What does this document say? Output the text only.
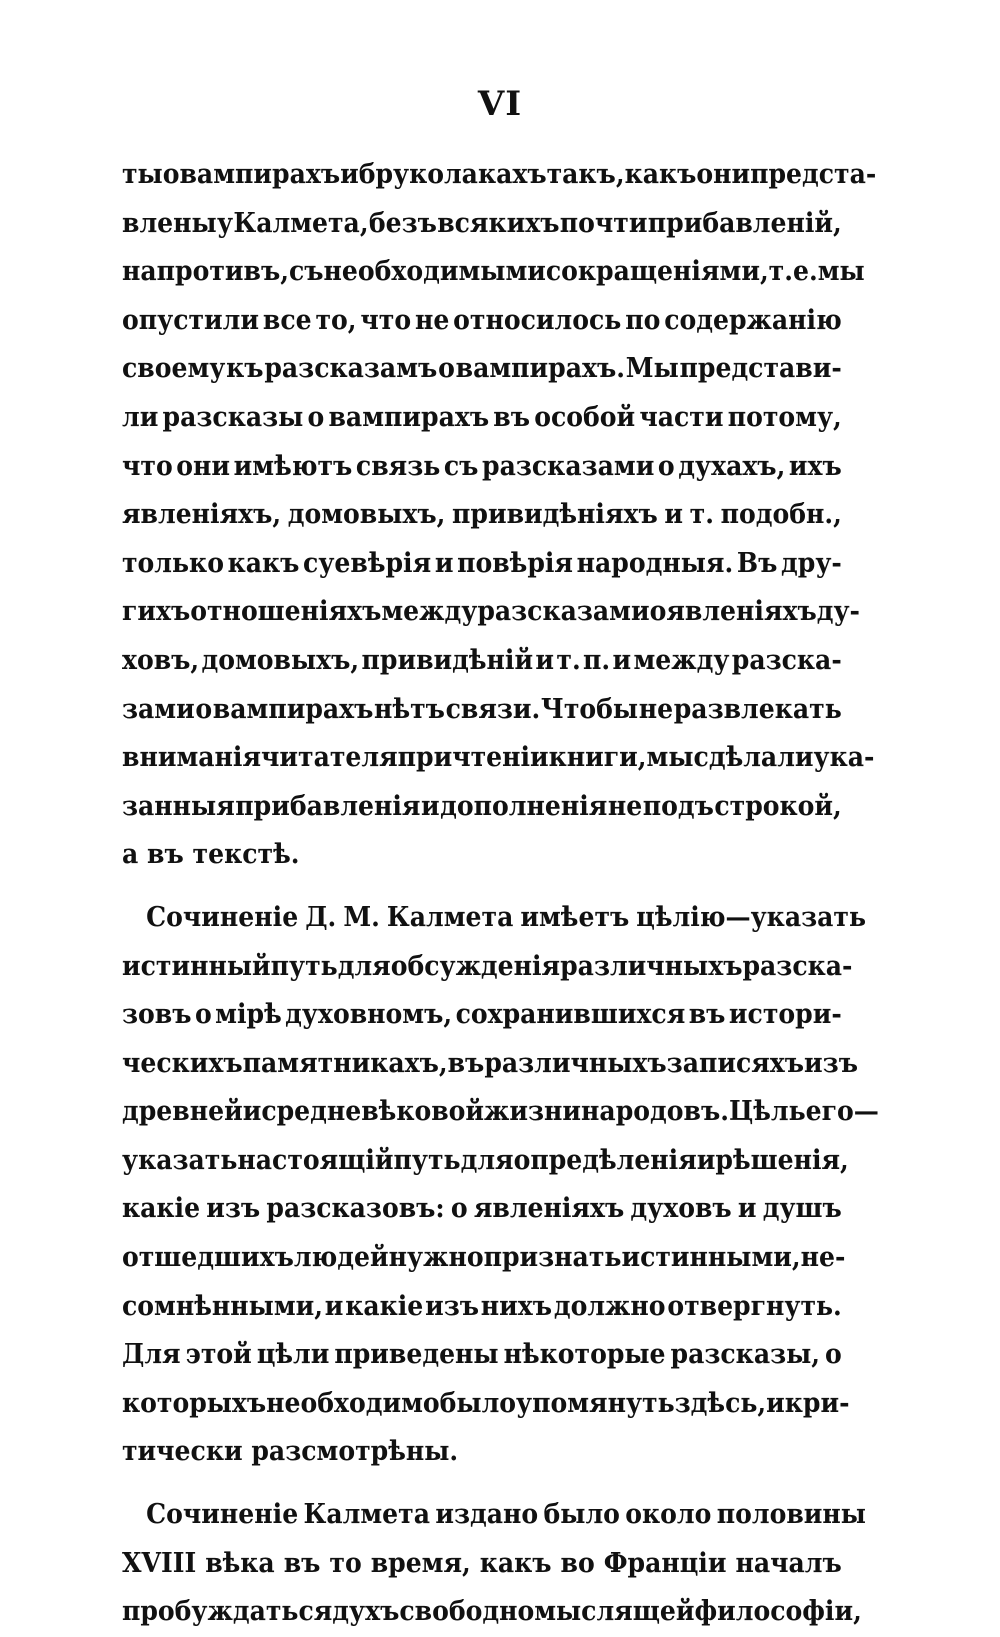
VI
ты о вампирахъ и бруколакахъ такъ, какъ они предста-
влены у Калмета, безъ всякихъ почти прибавленій,
напротивъ, съ необходимыми сокращеніями, т. е. мы
опустили все то, что не относилось по содержанію
своему къ разсказамъ о вампирахъ. Мы представи-
ли разсказы о вампирахъ въ особой части потому,
что они имѣютъ связь съ разсказами о духахъ, ихъ
явленіяхъ, домовыхъ, привидѣніяхъ и т. подобн.,
только какъ суевѣрія и повѣрія народныя. Въ дру-
гихъ отношеніяхъ между разсказами о явленіяхъ ду-
ховъ, домовыхъ, привидѣній и т. п. и между разска-
зами о вампирахъ нѣтъ связи. Чтобы не развлекать
вниманія читателя при чтеніи книги, мы сдѣлали ука-
занныя прибавленія и дополненія не подъ строкой,
а въ текстѣ.
Сочиненіе Д. М. Калмета имѣетъ цѣлію—указать
истинный путь для обсужденія различныхъ разска-
зовъ о мірѣ духовномъ, сохранившихся въ истори-
ческихъ памятникахъ, въ различныхъ записяхъ изъ
древней и средневѣковой жизни народовъ. Цѣль его—
указать настоящій путь для опредѣленія и рѣшенія,
какіе изъ разсказовъ: о явленіяхъ духовъ и душъ
отшедшихъ людей нужно признать истинными, не-
сомнѣнными, и какіе изъ нихъ должно отвергнуть.
Для этой цѣли приведены нѣкоторые разсказы, о
которыхъ необходимо было упомянуть здѣсь, и кри-
тически разсмотрѣны.
Сочиненіе Калмета издано было около половины
XVIII вѣка въ то время, какъ во Франціи началъ
пробуждаться духъ свободномыслящей философіи,
